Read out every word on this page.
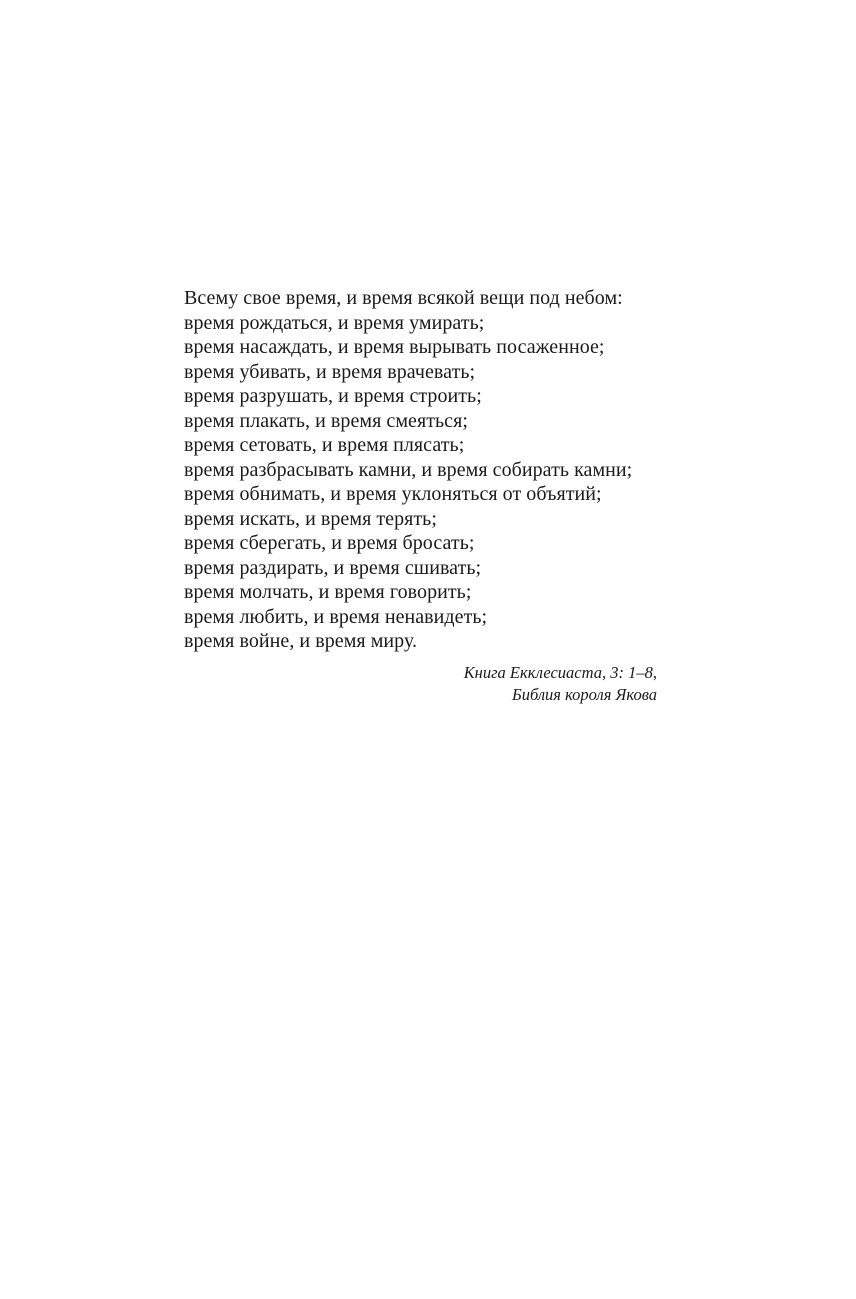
Всему свое время, и время всякой вещи под небом:
время рождаться, и время умирать;
время насаждать, и время вырывать посаженное;
время убивать, и время врачевать;
время разрушать, и время строить;
время плакать, и время смеяться;
время сетовать, и время плясать;
время разбрасывать камни, и время собирать камни;
время обнимать, и время уклоняться от объятий;
время искать, и время терять;
время сберегать, и время бросать;
время раздирать, и время сшивать;
время молчать, и время говорить;
время любить, и время ненавидеть;
время войне, и время миру.
Книга Екклесиаста, 3: 1–8,
Библия короля Якова
